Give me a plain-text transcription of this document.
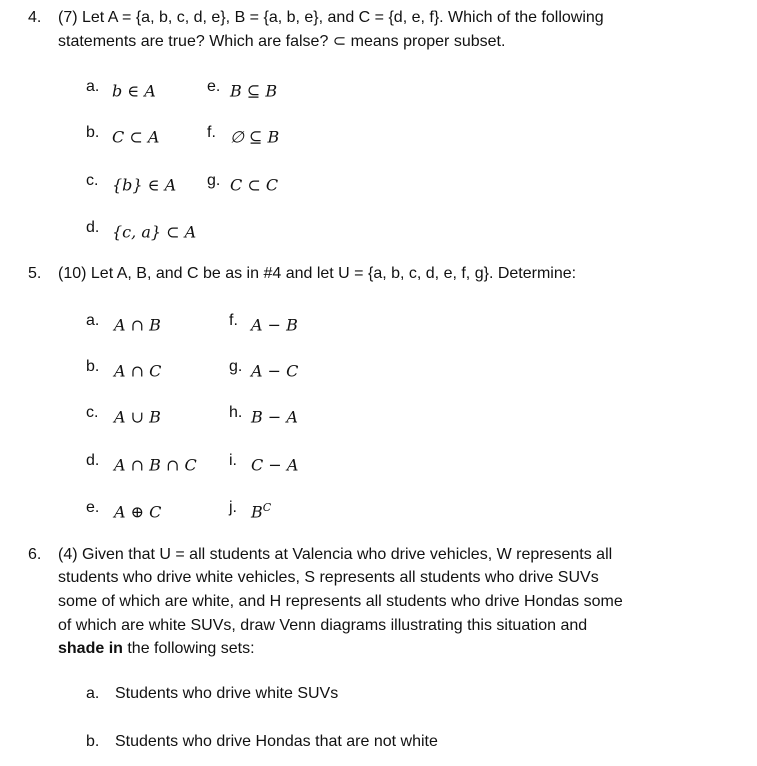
4. (7) Let A = {a, b, c, d, e}, B = {a, b, e}, and C = {d, e, f}. Which of the following
statements are true? Which are false? ⊂ means proper subset.
a. b ∈ A
b. C ⊂ A
c. {b} ∈ A
d. {c, a} ⊂ A
e. B ⊆ B
f. ∅ ⊆ B
g. C ⊂ C
5. (10) Let A, B, and C be as in #4 and let U = {a, b, c, d, e, f, g}. Determine:
a. A ∩ B
b. A ∩ C
c. A ∪ B
d. A ∩ B ∩ C
e. A ⊕ C
f. A − B
g. A − C
h. B − A
i. C − A
j. $B^C$
6. (4) Given that U = all students at Valencia who drive vehicles, W represents all
students who drive white vehicles, S represents all students who drive SUVs
some of which are white, and H represents all students who drive Hondas some
of which are white SUVs, draw Venn diagrams illustrating this situation and
shade in the following sets:
a. Students who drive white SUVs
b. Students who drive Hondas that are not white
